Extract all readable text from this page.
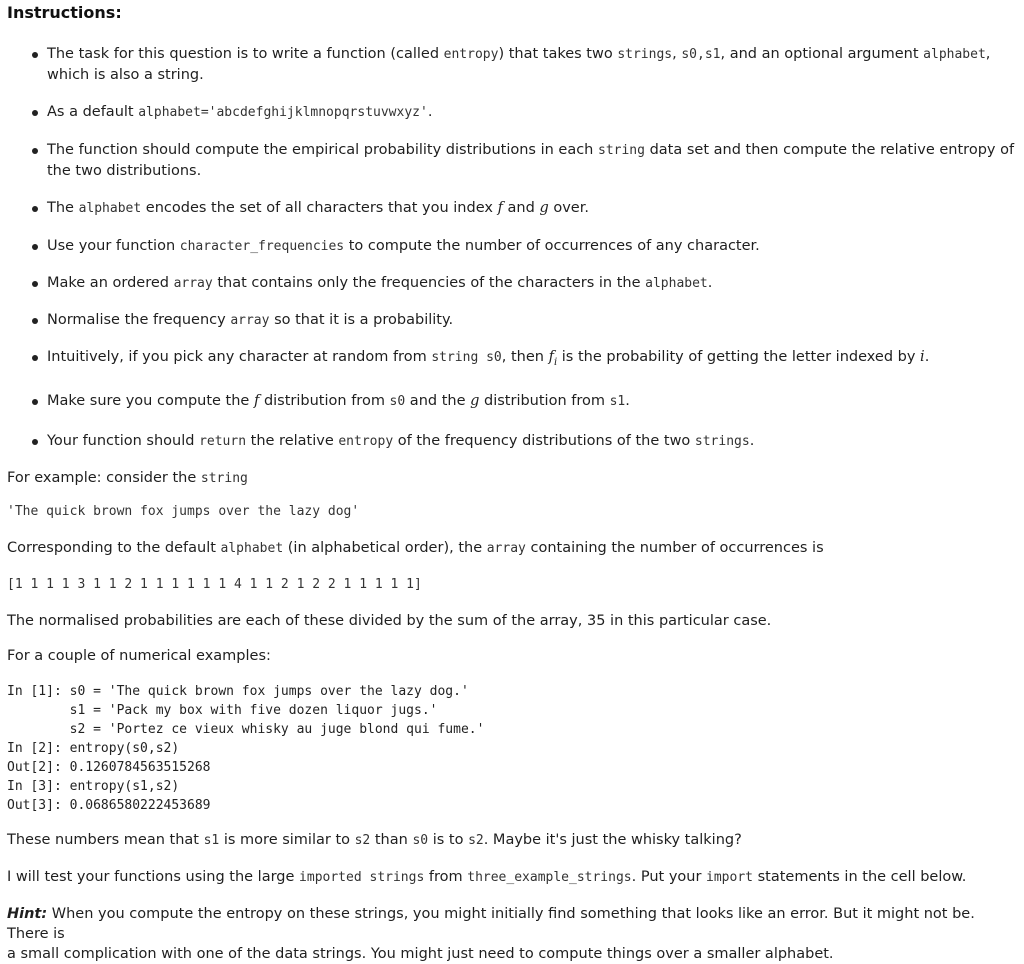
Instructions:
The task for this question is to write a function (called entropy) that takes two strings, s0,s1, and an optional argument alphabet,
which is also a string.
As a default alphabet='abcdefghijklmnopqrstuvwxyz'.
The function should compute the empirical probability distributions in each string data set and then compute the relative entropy of
the two distributions.
The alphabet encodes the set of all characters that you index f and g over.
Use your function character_frequencies to compute the number of occurrences of any character.
Make an ordered array that contains only the frequencies of the characters in the alphabet.
Normalise the frequency array so that it is a probability.
Intuitively, if you pick any character at random from string s0, then $f_i$ is the probability of getting the letter indexed by i.
Make sure you compute the f distribution from s0 and the g distribution from s1.
Your function should return the relative entropy of the frequency distributions of the two strings.

For example: consider the string

'The quick brown fox jumps over the lazy dog'

Corresponding to the default alphabet (in alphabetical order), the array containing the number of occurrences is

[1 1 1 1 3 1 1 2 1 1 1 1 1 1 4 1 1 2 1 2 2 1 1 1 1 1]

The normalised probabilities are each of these divided by the sum of the array, 35 in this particular case.

For a couple of numerical examples:

In [1]: s0 = 'The quick brown fox jumps over the lazy dog.'
s1 = 'Pack my box with five dozen liquor jugs.'
s2 = 'Portez ce vieux whisky au juge blond qui fume.'
In [2]: entropy(s0,s2)
Out[2]: 0.1260784563515268
In [3]: entropy(s1,s2)
Out[3]: 0.0686580222453689

These numbers mean that s1 is more similar to s2 than s0 is to s2. Maybe it's just the whisky talking?

I will test your functions using the large imported strings from three_example_strings. Put your import statements in the cell below.

Hint: When you compute the entropy on these strings, you might initially find something that looks like an error. But it might not be. There is
a small complication with one of the data strings. You might just need to compute things over a smaller alphabet.
